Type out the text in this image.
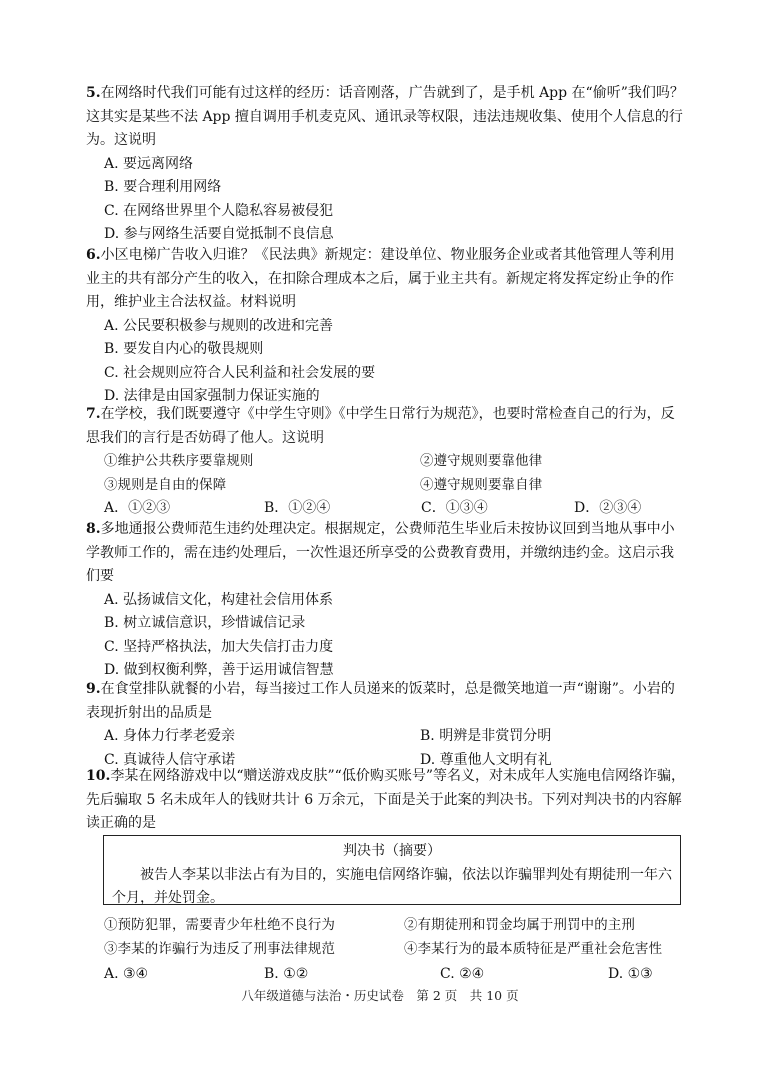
5.在网络时代我们可能有过这样的经历：话音刚落，广告就到了，是手机 App 在“偷听”我们吗？这其实是某些不法 App 擅自调用手机麦克风、通讯录等权限，违法违规收集、使用个人信息的行为。这说明

A. 要远离网络

B. 要合理利用网络

C. 在网络世界里个人隐私容易被侵犯

D. 参与网络生活要自觉抵制不良信息

6.小区电梯广告收入归谁？《民法典》新规定：建设单位、物业服务企业或者其他管理人等利用业主的共有部分产生的收入，在扣除合理成本之后，属于业主共有。新规定将发挥定纷止争的作用，维护业主合法权益。材料说明

A. 公民要积极参与规则的改进和完善

B. 要发自内心的敬畏规则

C. 社会规则应符合人民利益和社会发展的要

D. 法律是由国家强制力保证实施的

7.在学校，我们既要遵守《中学生守则》《中学生日常行为规范》，也要时常检查自己的行为，反思我们的言行是否妨碍了他人。这说明

①维护公共秩序要靠规则	②遵守规则要靠他律
③规则是自由的保障	④遵守规则要靠自律
A．①②③	B．①②④	C．①③④	D．②③④

8.多地通报公费师范生违约处理决定。根据规定，公费师范生毕业后未按协议回到当地从事中小学教师工作的，需在违约处理后，一次性退还所享受的公费教育费用，并缴纳违约金。这启示我们要

A. 弘扬诚信文化，构建社会信用体系

B. 树立诚信意识，珍惜诚信记录

C. 坚持严格执法，加大失信打击力度

D. 做到权衡利弊，善于运用诚信智慧

9.在食堂排队就餐的小岩，每当接过工作人员递来的饭菜时，总是微笑地道一声“谢谢”。小岩的表现折射出的品质是

A. 身体力行孝老爱亲	B. 明辨是非赏罚分明
C. 真诚待人信守承诺	D. 尊重他人文明有礼

10.李某在网络游戏中以“赠送游戏皮肤”“低价购买账号”等名义，对未成年人实施电信网络诈骗，先后骗取 5 名未成年人的钱财共计 6 万余元，下面是关于此案的判决书。下列对判决书的内容解读正确的是

判决书（摘要）
被告人李某以非法占有为目的，实施电信网络诈骗，依法以诈骗罪判处有期徒刑一年六个月，并处罚金。
①预防犯罪，需要青少年杜绝不良行为	②有期徒刑和罚金均属于刑罚中的主刑
③李某的诈骗行为违反了刑事法律规范	④李某行为的最本质特征是严重社会危害性
A. ③④	B. ①②	C. ②④	D. ①③
八年级道德与法治・历史试卷　第 2 页　共 10 页
